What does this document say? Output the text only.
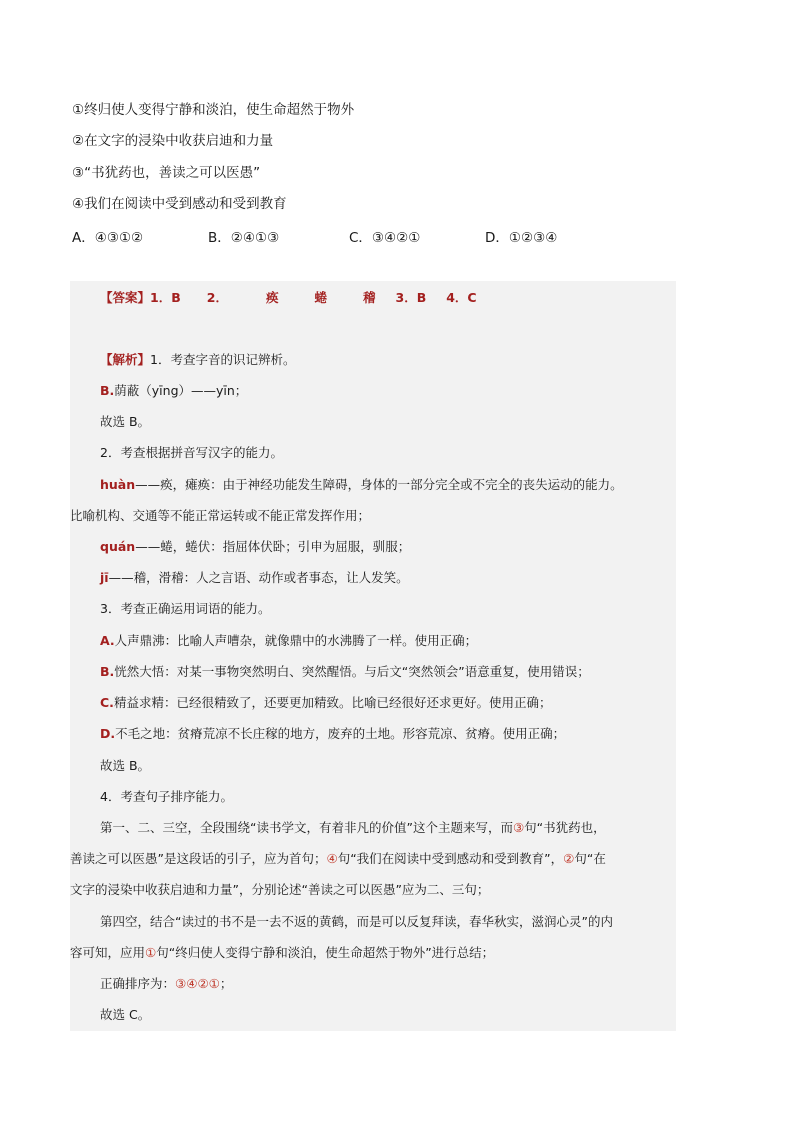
①终归使人变得宁静和淡泊，使生命超然于物外
②在文字的浸染中收获启迪和力量
③“书犹药也，善读之可以医愚”
④我们在阅读中受到感动和受到教育
A．④③①②	B．②④①③	C．③④②①	D．①②③④
【答案】1．B 2．	痪	蜷	稽 3．B 4．C
【解析】1．考查字音的识记辨析。
B.荫蔽（yīng）——yīn；
故选 B。
2．考查根据拼音写汉字的能力。
huàn——痪，瘫痪：由于神经功能发生障碍，身体的一部分完全或不完全的丧失运动的能力。
比喻机构、交通等不能正常运转或不能正常发挥作用；
quán——蜷，蜷伏：指屈体伏卧；引申为屈服，驯服；
jī——稽，滑稽：人之言语、动作或者事态，让人发笑。
3．考查正确运用词语的能力。
A.人声鼎沸：比喻人声嘈杂，就像鼎中的水沸腾了一样。使用正确；
B.恍然大悟：对某一事物突然明白、突然醒悟。与后文“突然领会”语意重复，使用错误；
C.精益求精：已经很精致了，还要更加精致。比喻已经很好还求更好。使用正确；
D.不毛之地：贫瘠荒凉不长庄稼的地方，废弃的土地。形容荒凉、贫瘠。使用正确；
故选 B。
4．考查句子排序能力。
第一、二、三空，全段围绕“读书学文，有着非凡的价值”这个主题来写，而③句“书犹药也，
善读之可以医愚”是这段话的引子，应为首句；④句“我们在阅读中受到感动和受到教育”，②句“在
文字的浸染中收获启迪和力量”，分别论述“善读之可以医愚”应为二、三句；
第四空，结合“读过的书不是一去不返的黄鹤，而是可以反复拜读，春华秋实，滋润心灵”的内
容可知，应用①句“终归使人变得宁静和淡泊，使生命超然于物外”进行总结；
正确排序为：③④②①；
故选 C。
